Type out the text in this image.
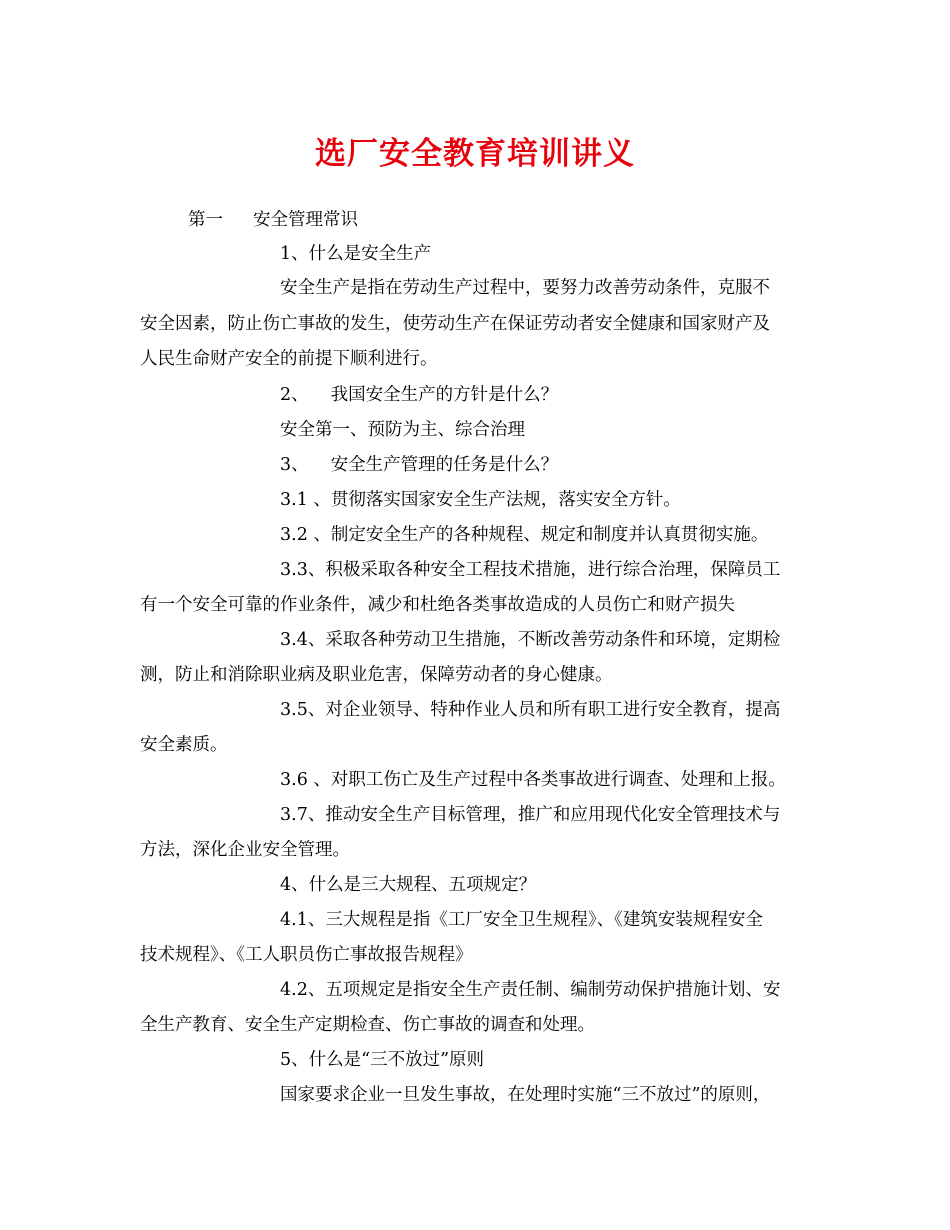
选厂安全教育培训讲义
第一 安全管理常识
1、什么是安全生产
安全生产是指在劳动生产过程中，要努力改善劳动条件，克服不
安全因素，防止伤亡事故的发生，使劳动生产在保证劳动者安全健康和国家财产及
人民生命财产安全的前提下顺利进行。
2、 我国安全生产的方针是什么？
安全第一、预防为主、综合治理
3、 安全生产管理的任务是什么？
3.1 、贯彻落实国家安全生产法规，落实安全方针。
3.2 、制定安全生产的各种规程、规定和制度并认真贯彻实施。
3.3、积极采取各种安全工程技术措施，进行综合治理，保障员工
有一个安全可靠的作业条件，减少和杜绝各类事故造成的人员伤亡和财产损失
3.4、采取各种劳动卫生措施，不断改善劳动条件和环境，定期检
测，防止和消除职业病及职业危害，保障劳动者的身心健康。
3.5、对企业领导、特种作业人员和所有职工进行安全教育，提高
安全素质。
3.6 、对职工伤亡及生产过程中各类事故进行调查、处理和上报。
3.7、推动安全生产目标管理，推广和应用现代化安全管理技术与
方法，深化企业安全管理。
4、什么是三大规程、五项规定？
4.1、三大规程是指《工厂安全卫生规程》、《建筑安装规程安全
技术规程》、《工人职员伤亡事故报告规程》
4.2、五项规定是指安全生产责任制、编制劳动保护措施计划、安
全生产教育、安全生产定期检查、伤亡事故的调查和处理。
5、什么是“三不放过”原则
国家要求企业一旦发生事故，在处理时实施“三不放过”的原则，
